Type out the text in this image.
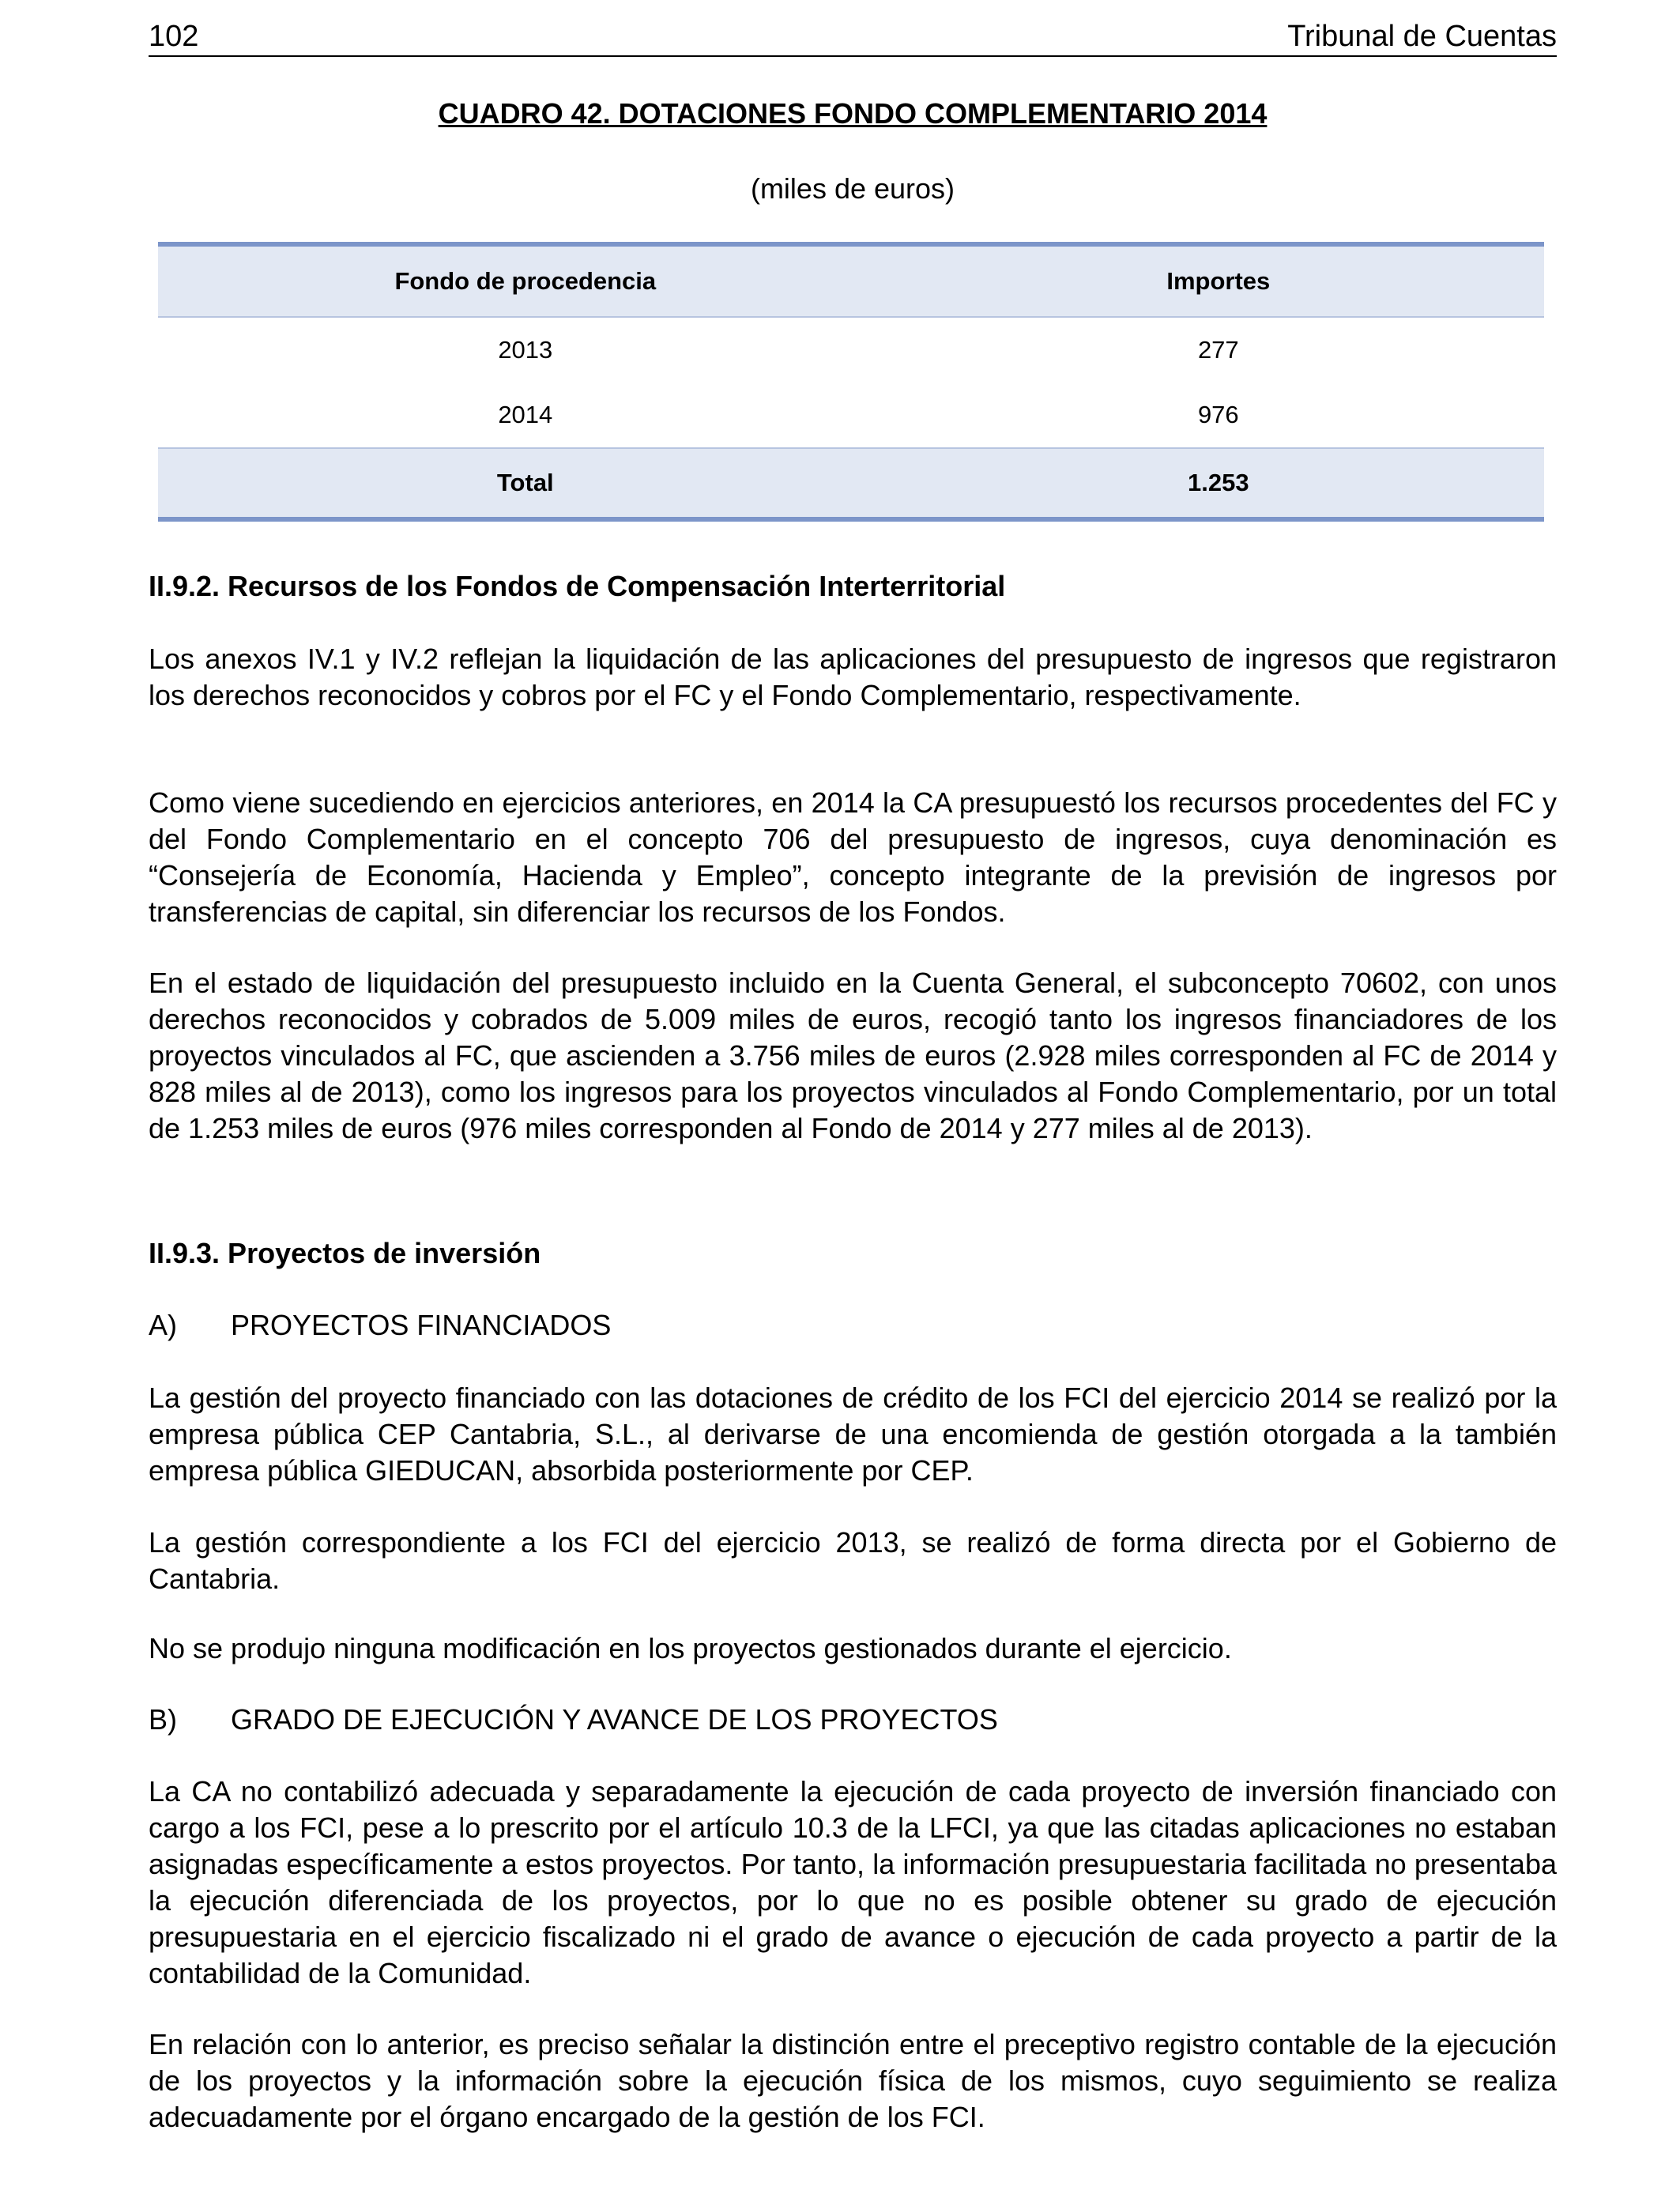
102	Tribunal de Cuentas
CUADRO 42. DOTACIONES FONDO COMPLEMENTARIO 2014
(miles de euros)
Fondo de procedencia	Importes
2013	277
2014	976
Total	1.253

II.9.2. Recursos de los Fondos de Compensación Interterritorial

Los anexos IV.1 y IV.2 reflejan la liquidación de las aplicaciones del presupuesto de ingresos que registraron los derechos reconocidos y cobros por el FC y el Fondo Complementario, respectivamente.

Como viene sucediendo en ejercicios anteriores, en 2014 la CA presupuestó los recursos procedentes del FC y del Fondo Complementario en el concepto 706 del presupuesto de ingresos, cuya denominación es “Consejería de Economía, Hacienda y Empleo”, concepto integrante de la previsión de ingresos por transferencias de capital, sin diferenciar los recursos de los Fondos.

En el estado de liquidación del presupuesto incluido en la Cuenta General, el subconcepto 70602, con unos derechos reconocidos y cobrados de 5.009 miles de euros, recogió tanto los ingresos financiadores de los proyectos vinculados al FC, que ascienden a 3.756 miles de euros (2.928 miles corresponden al FC de 2014 y 828 miles al de 2013), como los ingresos para los proyectos vinculados al Fondo Complementario, por un total de 1.253 miles de euros (976 miles corresponden al Fondo de 2014 y 277 miles al de 2013).

II.9.3. Proyectos de inversión

A)	PROYECTOS FINANCIADOS

La gestión del proyecto financiado con las dotaciones de crédito de los FCI del ejercicio 2014 se realizó por la empresa pública CEP Cantabria, S.L., al derivarse de una encomienda de gestión otorgada a la también empresa pública GIEDUCAN, absorbida posteriormente por CEP.

La gestión correspondiente a los FCI del ejercicio 2013, se realizó de forma directa por el Gobierno de Cantabria.

No se produjo ninguna modificación en los proyectos gestionados durante el ejercicio.

B)	GRADO DE EJECUCIÓN Y AVANCE DE LOS PROYECTOS

La CA no contabilizó adecuada y separadamente la ejecución de cada proyecto de inversión financiado con cargo a los FCI, pese a lo prescrito por el artículo 10.3 de la LFCI, ya que las citadas aplicaciones no estaban asignadas específicamente a estos proyectos. Por tanto, la información presupuestaria facilitada no presentaba la ejecución diferenciada de los proyectos, por lo que no es posible obtener su grado de ejecución presupuestaria en el ejercicio fiscalizado ni el grado de avance o ejecución de cada proyecto a partir de la contabilidad de la Comunidad.

En relación con lo anterior, es preciso señalar la distinción entre el preceptivo registro contable de la ejecución de los proyectos y la información sobre la ejecución física de los mismos, cuyo seguimiento se realiza adecuadamente por el órgano encargado de la gestión de los FCI.
